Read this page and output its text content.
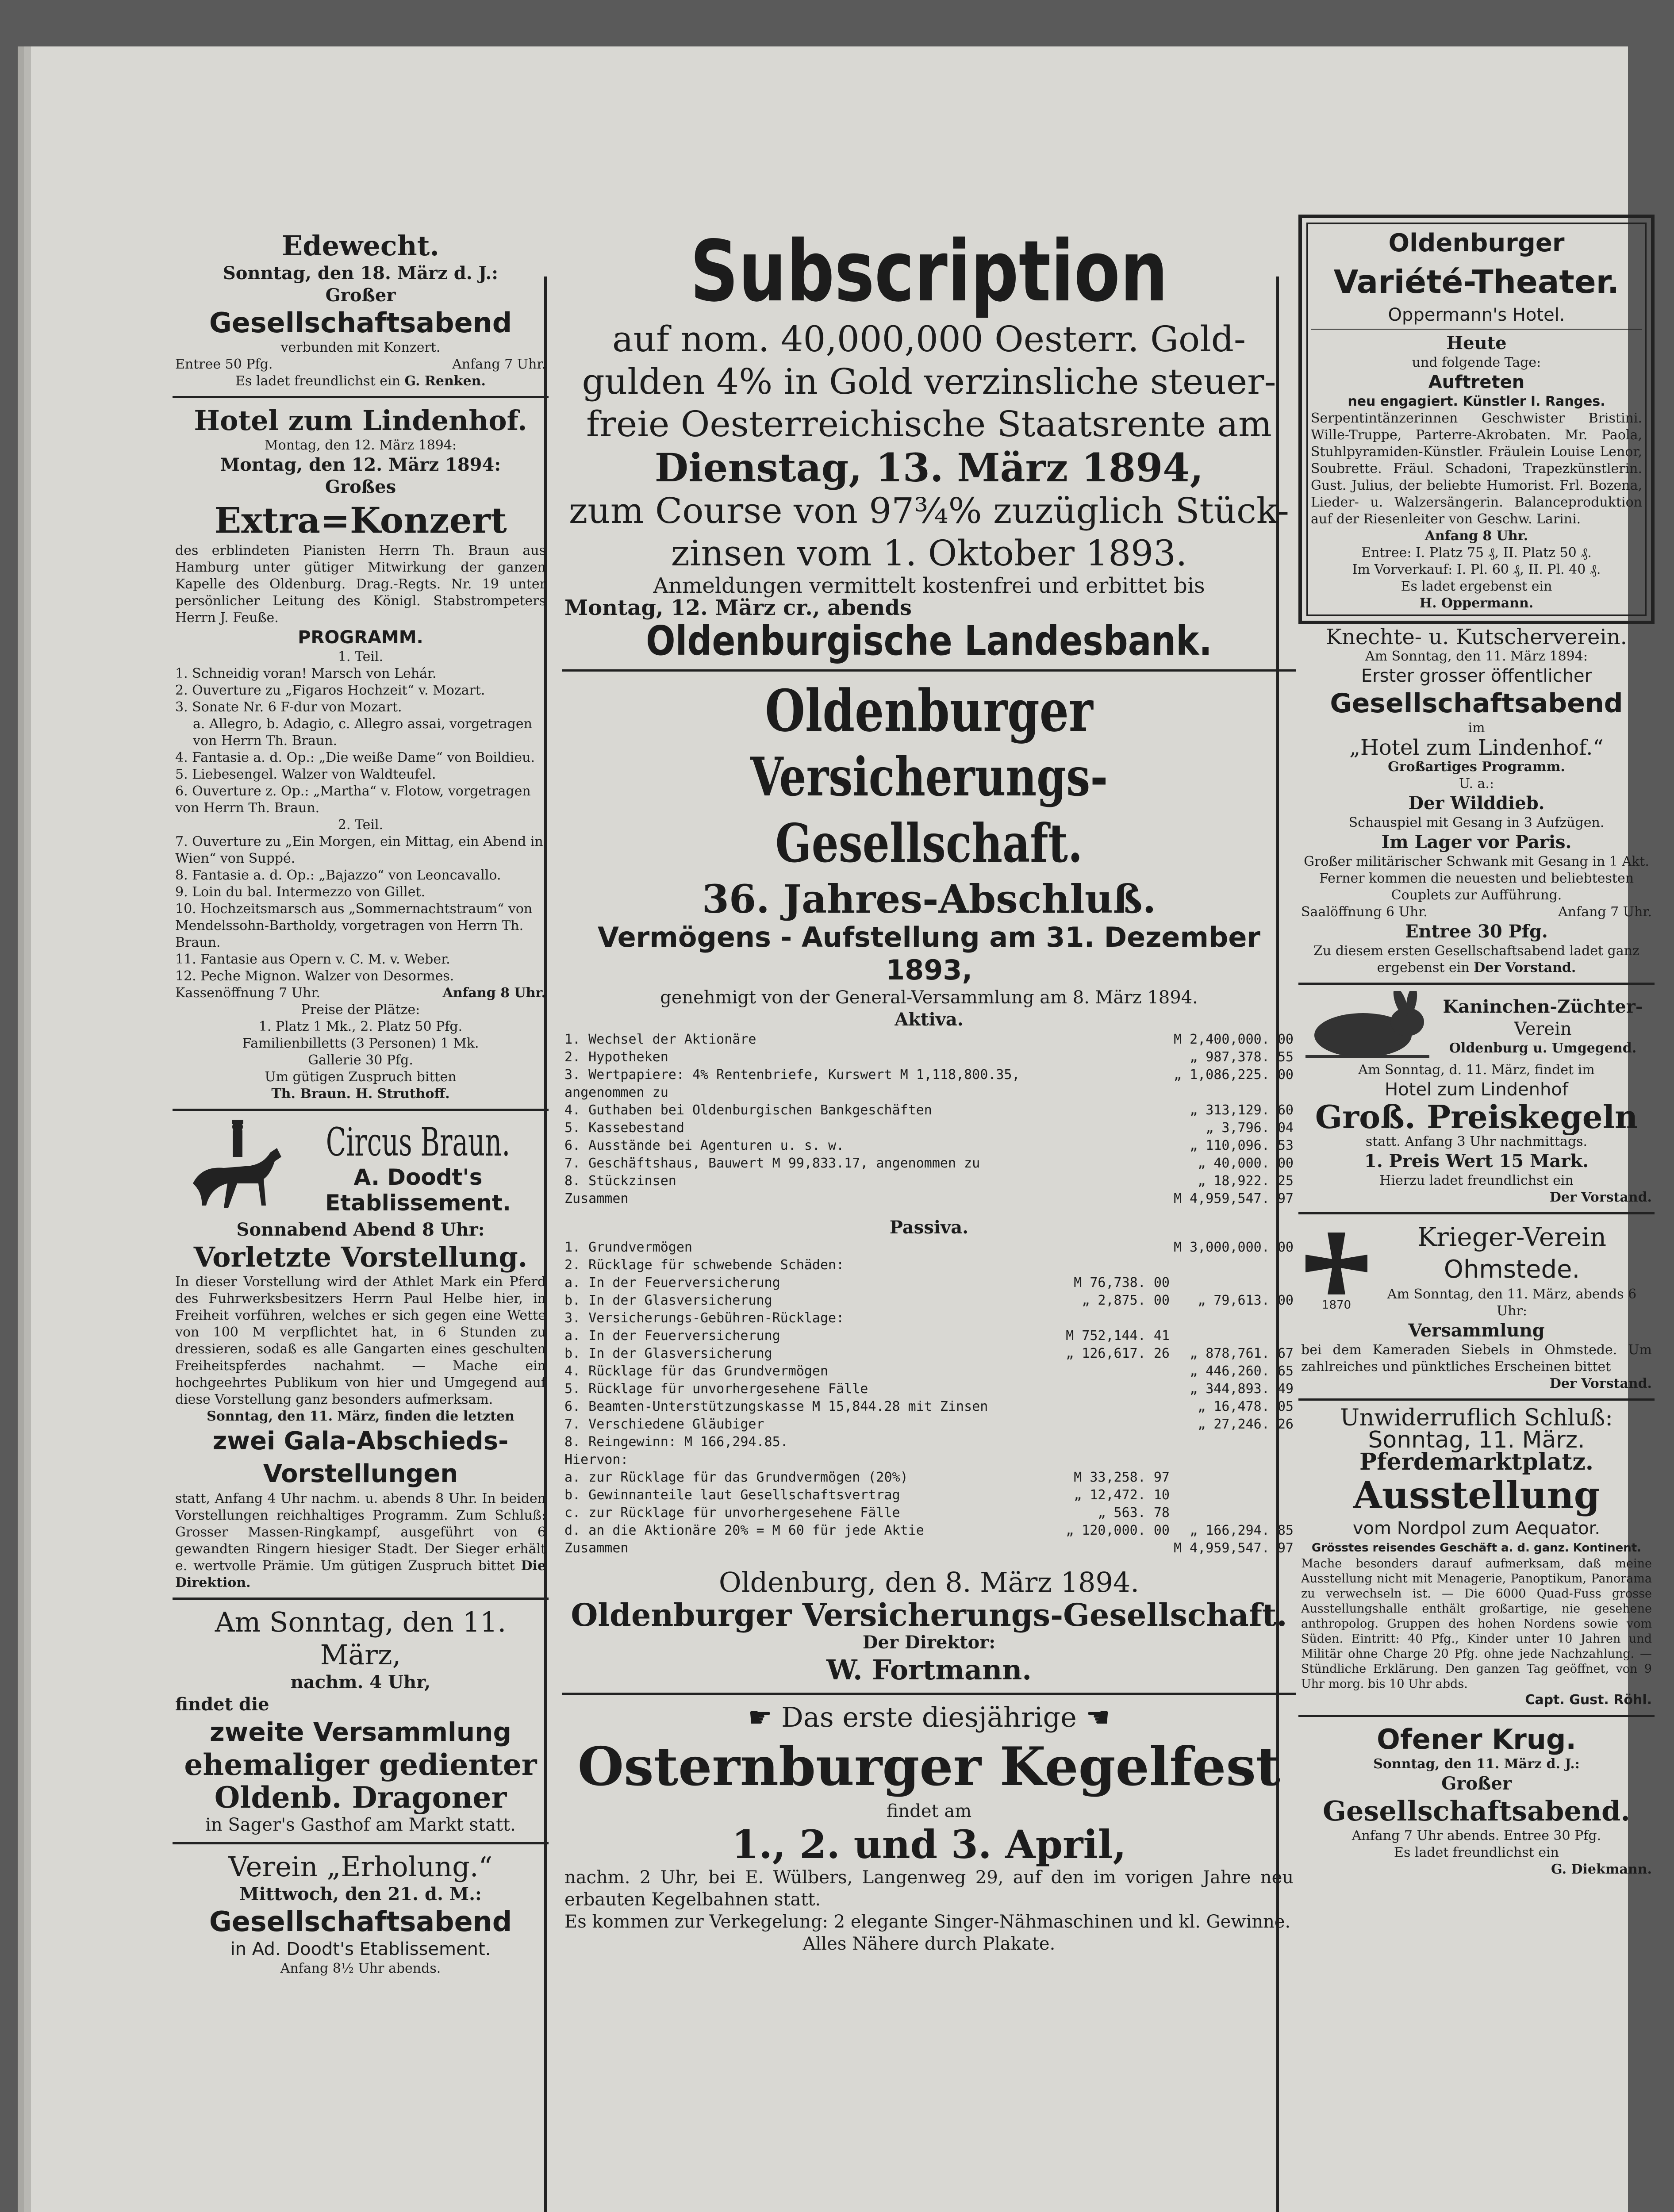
Edewecht.
Sonntag, den 18. März d. J.:
Großer
Gesellschaftsabend
verbunden mit Konzert.
Entree 50 Pfg.	Anfang 7 Uhr.
Es ladet freundlichst ein G. Renken.
Hotel zum Lindenhof.
Montag, den 12. März 1894:
Montag, den 12. März 1894:
Großes
Extra=Konzert
des erblindeten Pianisten Herrn Th. Braun aus Hamburg unter gütiger Mitwirkung der ganzen Kapelle des Oldenburg. Drag.-Regts. Nr. 19 unter persönlicher Leitung des Königl. Stabstrompeters Herrn J. Feuße.
PROGRAMM.
1. Teil.
1. Schneidig voran! Marsch von Lehár.
2. Ouverture zu „Figaros Hochzeit“ v. Mozart.
3. Sonate Nr. 6 F-dur von Mozart.
a. Allegro, b. Adagio, c. Allegro assai, vorgetragen von Herrn Th. Braun.
4. Fantasie a. d. Op.: „Die weiße Dame“ von Boildieu.
5. Liebesengel. Walzer von Waldteufel.
6. Ouverture z. Op.: „Martha“ v. Flotow, vorgetragen von Herrn Th. Braun.
2. Teil.
7. Ouverture zu „Ein Morgen, ein Mittag, ein Abend in Wien“ von Suppé.
8. Fantasie a. d. Op.: „Bajazzo“ von Leoncavallo.
9. Loin du bal. Intermezzo von Gillet.
10. Hochzeitsmarsch aus „Sommernachtstraum“ von Mendelssohn-Bartholdy, vorgetragen von Herrn Th. Braun.
11. Fantasie aus Opern v. C. M. v. Weber.
12. Peche Mignon. Walzer von Desormes.
Kassenöffnung 7 Uhr.	Anfang 8 Uhr.
Preise der Plätze:
1. Platz 1 Mk., 2. Platz 50 Pfg.
Familienbilletts (3 Personen) 1 Mk.
Gallerie 30 Pfg.
Um gütigen Zuspruch bitten
Th. Braun. H. Struthoff.
Circus Braun.
A. Doodt's
Etablissement.
Sonnabend Abend 8 Uhr:
Vorletzte Vorstellung.
In dieser Vorstellung wird der Athlet Mark ein Pferd des Fuhrwerksbesitzers Herrn Paul Helbe hier, in Freiheit vorführen, welches er sich gegen eine Wette von 100 M verpflichtet hat, in 6 Stunden zu dressieren, sodaß es alle Gangarten eines geschulten Freiheitspferdes nachahmt. — Mache ein hochgeehrtes Publikum von hier und Umgegend auf diese Vorstellung ganz besonders aufmerksam.
Sonntag, den 11. März, finden die letzten
zwei Gala-Abschieds-
Vorstellungen
statt, Anfang 4 Uhr nachm. u. abends 8 Uhr. In beiden Vorstellungen reichhaltiges Programm. Zum Schluß: Grosser Massen-Ringkampf, ausgeführt von 6 gewandten Ringern hiesiger Stadt. Der Sieger erhält e. wertvolle Prämie. Um gütigen Zuspruch bittet Die Direktion.
Am Sonntag, den 11. März,
nachm. 4 Uhr,
findet die
zweite Versammlung
ehemaliger gedienter
Oldenb. Dragoner
in Sager's Gasthof am Markt statt.
Verein „Erholung.“
Mittwoch, den 21. d. M.:
Gesellschaftsabend
in Ad. Doodt's Etablissement.
Anfang 8½ Uhr abends.
Subscription
auf nom. 40,000,000 Oesterr. Gold-
gulden 4% in Gold verzinsliche steuer-
freie Oesterreichische Staatsrente am
Dienstag, 13. März 1894,
zum Course von 97¾% zuzüglich Stück-
zinsen vom 1. Oktober 1893.
Anmeldungen vermittelt kostenfrei und erbittet bis
Montag, 12. März cr., abends
Oldenburgische Landesbank.
Oldenburger
Versicherungs-Gesellschaft.
36. Jahres-Abschluß.
Vermögens - Aufstellung am 31. Dezember 1893,
genehmigt von der General-Versammlung am 8. März 1894.
Aktiva.
1. Wechsel der Aktionäre	M 2,400,000. 00
2. Hypotheken	„ 987,378. 55
3. Wertpapiere: 4% Rentenbriefe, Kurswert M 1,118,800.35, angenommen zu
„ 1,086,225. 00
4. Guthaben bei Oldenburgischen Bankgeschäften	„ 313,129. 60
5. Kassebestand	„ 3,796. 04
6. Ausstände bei Agenturen u. s. w.	„ 110,096. 53
7. Geschäftshaus, Bauwert M 99,833.17, angenommen zu	„ 40,000. 00
8. Stückzinsen	„ 18,922. 25
Zusammen	M 4,959,547. 97
Passiva.
1. Grundvermögen	M 3,000,000. 00
2. Rücklage für schwebende Schäden:
a. In der Feuerversicherung	M 76,738. 00
b. In der Glasversicherung	„ 2,875. 00	„ 79,613. 00
3. Versicherungs-Gebühren-Rücklage:
a. In der Feuerversicherung	M 752,144. 41
b. In der Glasversicherung	„ 126,617. 26	„ 878,761. 67
4. Rücklage für das Grundvermögen	„ 446,260. 65
5. Rücklage für unvorhergesehene Fälle	„ 344,893. 49
6. Beamten-Unterstützungskasse M 15,844.28 mit Zinsen	„ 16,478. 05
7. Verschiedene Gläubiger	„ 27,246. 26
8. Reingewinn: M 166,294.85.
Hiervon:
a. zur Rücklage für das Grundvermögen (20%)	M 33,258. 97
b. Gewinnanteile laut Gesellschaftsvertrag	„ 12,472. 10
c. zur Rücklage für unvorhergesehene Fälle	„ 563. 78
d. an die Aktionäre 20% = M 60 für jede Aktie	„ 120,000. 00	„ 166,294. 85
Zusammen	M 4,959,547. 97
Oldenburg, den 8. März 1894.
Oldenburger Versicherungs-Gesellschaft.
Der Direktor:
W. Fortmann.
☛ Das erste diesjährige ☚
Osternburger Kegelfest
findet am
1., 2. und 3. April,
nachm. 2 Uhr, bei E. Wülbers, Langenweg 29, auf den im vorigen Jahre neu erbauten Kegelbahnen statt.
Es kommen zur Verkegelung: 2 elegante Singer-Nähmaschinen und kl. Gewinne.
Alles Nähere durch Plakate.
Oldenburger
Variété-Theater.
Oppermann's Hotel.
Heute
und folgende Tage:
Auftreten
neu engagiert. Künstler I. Ranges.
Serpentintänzerinnen Geschwister Bristini. Wille-Truppe, Parterre-Akrobaten. Mr. Paola, Stuhlpyramiden-Künstler. Fräulein Louise Lenor, Soubrette. Fräul. Schadoni, Trapezkünstlerin. Gust. Julius, der beliebte Humorist. Frl. Bozena, Lieder- u. Walzersängerin. Balanceproduktion auf der Riesenleiter von Geschw. Larini.
Anfang 8 Uhr.
Entree: I. Platz 75 ₰, II. Platz 50 ₰.
Im Vorverkauf: I. Pl. 60 ₰, II. Pl. 40 ₰.
Es ladet ergebenst ein
H. Oppermann.
Knechte- u. Kutscherverein.
Am Sonntag, den 11. März 1894:
Erster grosser öffentlicher
Gesellschaftsabend
im
„Hotel zum Lindenhof.“
Großartiges Programm.
U. a.:
Der Wilddieb.
Schauspiel mit Gesang in 3 Aufzügen.
Im Lager vor Paris.
Großer militärischer Schwank mit Gesang in 1 Akt. Ferner kommen die neuesten und beliebtesten Couplets zur Aufführung.
Saalöffnung 6 Uhr.	Anfang 7 Uhr.
Entree 30 Pfg.
Zu diesem ersten Gesellschaftsabend ladet ganz ergebenst ein Der Vorstand.
Kaninchen-Züchter-
Verein
Oldenburg u. Umgegend.
Am Sonntag, d. 11. März, findet im
Hotel zum Lindenhof
Groß. Preiskegeln
statt. Anfang 3 Uhr nachmittags.
1. Preis Wert 15 Mark.
Hierzu ladet freundlichst ein
Der Vorstand.
1870
Krieger-Verein
Ohmstede.
Am Sonntag, den 11. März, abends 6 Uhr:
Versammlung
bei dem Kameraden Siebels in Ohmstede. Um zahlreiches und pünktliches Erscheinen bittet
Der Vorstand.
Unwiderruflich Schluß:
Sonntag, 11. März.
Pferdemarktplatz.
Ausstellung
vom Nordpol zum Aequator.
Grösstes reisendes Geschäft a. d. ganz. Kontinent.
Mache besonders darauf aufmerksam, daß meine Ausstellung nicht mit Menagerie, Panoptikum, Panorama zu verwechseln ist. — Die 6000 Quad-Fuss grosse Ausstellungshalle enthält großartige, nie gesehene anthropolog. Gruppen des hohen Nordens sowie vom Süden. Eintritt: 40 Pfg., Kinder unter 10 Jahren und Militär ohne Charge 20 Pfg. ohne jede Nachzahlung. — Stündliche Erklärung. Den ganzen Tag geöffnet, von 9 Uhr morg. bis 10 Uhr abds.
Capt. Gust. Röhl.
Ofener Krug.
Sonntag, den 11. März d. J.:
Großer
Gesellschaftsabend.
Anfang 7 Uhr abends. Entree 30 Pfg.
Es ladet freundlichst ein
G. Diekmann.
